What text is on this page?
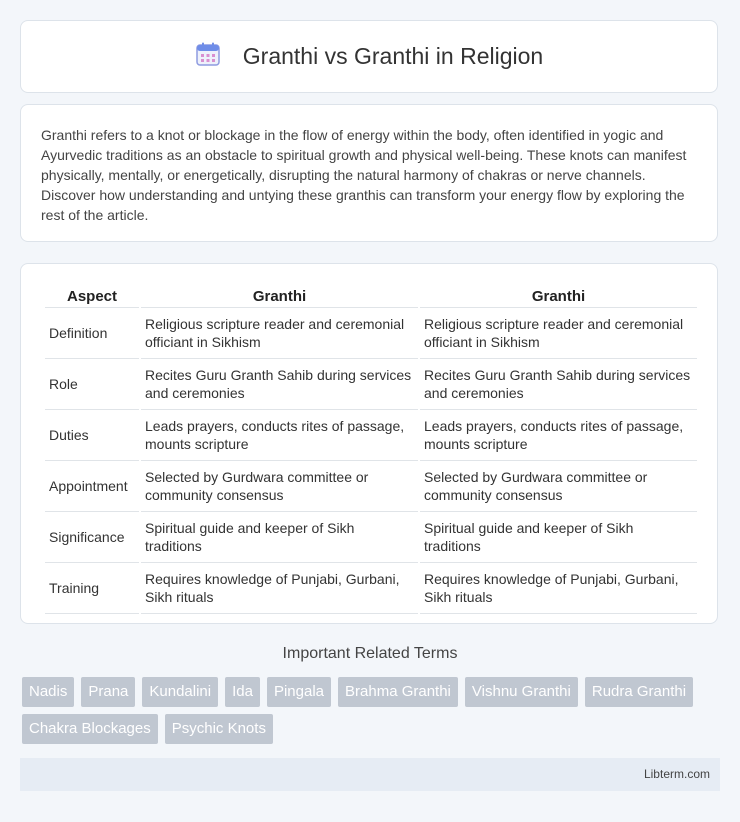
Granthi vs Granthi in Religion
Granthi refers to a knot or blockage in the flow of energy within the body, often identified in yogic and Ayurvedic traditions as an obstacle to spiritual growth and physical well-being. These knots can manifest physically, mentally, or energetically, disrupting the natural harmony of chakras or nerve channels. Discover how understanding and untying these granthis can transform your energy flow by exploring the rest of the article.
Aspect	Granthi	Granthi
Definition	Religious scripture reader and ceremonial officiant in Sikhism	Religious scripture reader and ceremonial officiant in Sikhism
Role	Recites Guru Granth Sahib during services and ceremonies	Recites Guru Granth Sahib during services and ceremonies
Duties	Leads prayers, conducts rites of passage, mounts scripture	Leads prayers, conducts rites of passage, mounts scripture
Appointment	Selected by Gurdwara committee or community consensus	Selected by Gurdwara committee or community consensus
Significance	Spiritual guide and keeper of Sikh traditions	Spiritual guide and keeper of Sikh traditions
Training	Requires knowledge of Punjabi, Gurbani, Sikh rituals	Requires knowledge of Punjabi, Gurbani, Sikh rituals
Important Related Terms
Nadis	Prana	Kundalini	Ida	Pingala	Brahma Granthi	Vishnu Granthi	Rudra Granthi
Chakra Blockages	Psychic Knots
Libterm.com
